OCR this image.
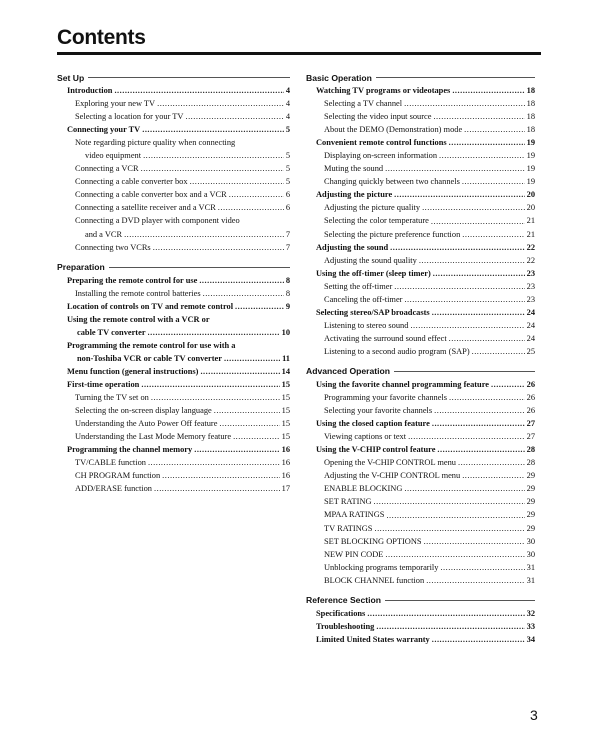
Contents
Set Up
Introduction .....	4
Exploring your new TV .....	4
Selecting a location for your TV .....	4
Connecting your TV .....	5
Note regarding picture quality when connecting
video equipment .....	5
Connecting a VCR .....	5
Connecting a cable converter box .....	5
Connecting a cable converter box and a VCR .....	6
Connecting a satellite receiver and a VCR .....	6
Connecting a DVD player with component video
and a VCR .....	7
Connecting two VCRs .....	7
Preparation
Preparing the remote control for use .....	8
Installing the remote control batteries .....	8
Location of controls on TV and remote control .....	9
Using the remote control with a VCR or
cable TV converter .....	10
Programming the remote control for use with a
non-Toshiba VCR or cable TV converter .....	11
Menu function (general instructions) .....	14
First-time operation .....	15
Turning the TV set on .....	15
Selecting the on-screen display language .....	15
Understanding the Auto Power Off feature .....	15
Understanding the Last Mode Memory feature .....	15
Programming the channel memory .....	16
TV/CABLE function .....	16
CH PROGRAM function .....	16
ADD/ERASE function .....	17
Basic Operation
Watching TV programs or videotapes .....	18
Selecting a TV channel .....	18
Selecting the video input source .....	18
About the DEMO (Demonstration) mode .....	18
Convenient remote control functions .....	19
Displaying on-screen information .....	19
Muting the sound .....	19
Changing quickly between two channels .....	19
Adjusting the picture .....	20
Adjusting the picture quality .....	20
Selecting the color temperature .....	21
Selecting the picture preference function .....	21
Adjusting the sound .....	22
Adjusting the sound quality .....	22
Using the off-timer (sleep timer) .....	23
Setting the off-timer .....	23
Canceling the off-timer .....	23
Selecting stereo/SAP broadcasts .....	24
Listening to stereo sound .....	24
Activating the surround sound effect .....	24
Listening to a second audio program (SAP) .....	25
Advanced Operation
Using the favorite channel programming feature .....	26
Programming your favorite channels .....	26
Selecting your favorite channels .....	26
Using the closed caption feature .....	27
Viewing captions or text .....	27
Using the V-CHIP control feature .....	28
Opening the V-CHIP CONTROL menu .....	28
Adjusting the V-CHIP CONTROL menu .....	29
ENABLE BLOCKING .....	29
SET RATING .....	29
MPAA RATINGS .....	29
TV RATINGS .....	29
SET BLOCKING OPTIONS .....	30
NEW PIN CODE .....	30
Unblocking programs temporarily .....	31
BLOCK CHANNEL function .....	31
Reference Section
Specifications .....	32
Troubleshooting .....	33
Limited United States warranty .....	34
3
